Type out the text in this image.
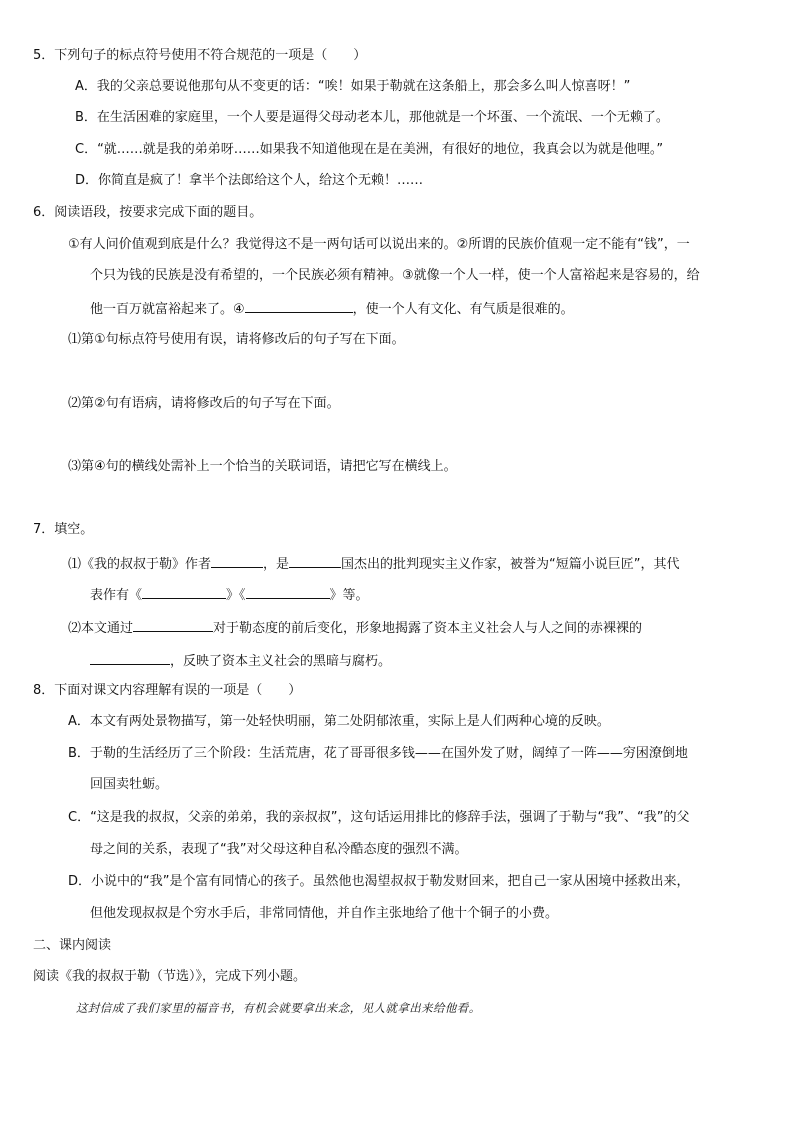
5．下列句子的标点符号使用不符合规范的一项是（　　）
A．我的父亲总要说他那句从不变更的话：“唉！如果于勒就在这条船上，那会多么叫人惊喜呀！”
B．在生活困难的家庭里，一个人要是逼得父母动老本儿，那他就是一个坏蛋、一个流氓、一个无赖了。
C．“就……就是我的弟弟呀……如果我不知道他现在是在美洲，有很好的地位，我真会以为就是他哩。”
D．你简直是疯了！拿半个法郎给这个人，给这个无赖！……
6．阅读语段，按要求完成下面的题目。
①有人问价值观到底是什么？我觉得这不是一两句话可以说出来的。②所谓的民族价值观一定不能有“钱”，一
个只为钱的民族是没有希望的，一个民族必须有精神。③就像一个人一样，使一个人富裕起来是容易的，给
他一百万就富裕起来了。④	，使一个人有文化、有气质是很难的。
⑴第①句标点符号使用有误，请将修改后的句子写在下面。
⑵第②句有语病，请将修改后的句子写在下面。
⑶第④句的横线处需补上一个恰当的关联词语，请把它写在横线上。
7．填空。
⑴《我的叔叔于勒》作者	，是	国杰出的批判现实主义作家，被誉为“短篇小说巨匠”，其代
表作有《	》《	》等。
⑵本文通过	对于勒态度的前后变化，形象地揭露了资本主义社会人与人之间的赤裸裸的
，反映了资本主义社会的黑暗与腐朽。
8．下面对课文内容理解有误的一项是（　　）
A．本文有两处景物描写，第一处轻快明丽，第二处阴郁浓重，实际上是人们两种心境的反映。
B．于勒的生活经历了三个阶段：生活荒唐，花了哥哥很多钱——在国外发了财，阔绰了一阵——穷困潦倒地
回国卖牡蛎。
C．“这是我的叔叔，父亲的弟弟，我的亲叔叔”，这句话运用排比的修辞手法，强调了于勒与“我”、“我”的父
母之间的关系，表现了“我”对父母这种自私冷酷态度的强烈不满。
D．小说中的“我”是个富有同情心的孩子。虽然他也渴望叔叔于勒发财回来，把自己一家从困境中拯救出来，
但他发现叔叔是个穷水手后，非常同情他，并自作主张地给了他十个铜子的小费。
二、课内阅读
阅读《我的叔叔于勒（节选）》，完成下列小题。
这封信成了我们家里的福音书，有机会就要拿出来念，见人就拿出来给他看。
